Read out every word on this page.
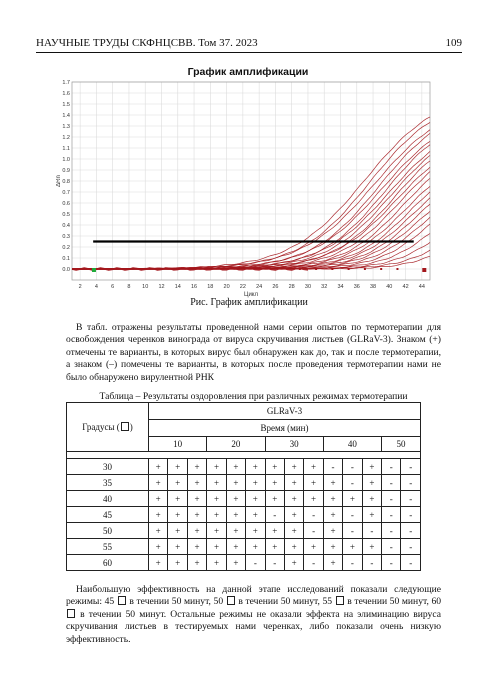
НАУЧНЫЕ ТРУДЫ СКФНЦСВВ. Том 37. 2023	109
График амплификации
0.0
0.1
0.2
0.3
0.4
0.5
0.6
0.7
0.8
0.9
1.0
1.1
1.2
1.3
1.4
1.5
1.6
1.7
2 4 6 8 10 12 14 16 18 20 22 24 26 28 30 32 34 36 38 40 42 44
Цикл
ΔRn
Рис. График амплификации
В табл. отражены результаты проведенной нами серии опытов по термотерапии для освобождения черенков винограда от вируса скручивания листьев (GLRaV-3). Знаком (+) отмечены те варианты, в которых вирус был обнаружен как до, так и после термотерапии, а знаком (–) помечены те варианты, в которых после проведения термотерапии нами не было обнаружено вирулентной РНК
Таблица – Результаты оздоровления при различных режимах термотерапии
Градусы ( )	GLRaV-3													
	Время (мин)													
	10			20			30			40			50	

30	+	+	+	+	+	+	+	+	+	-	-	+	-	-
35	+	+	+	+	+	+	+	+	+	+	-	+	-	-
40	+	+	+	+	+	+	+	+	+	+	+	+	-	-
45	+	+	+	+	+	+	-	+	-	+	-	+	-	-
50	+	+	+	+	+	+	+	+	-	+	-	-	-	-
55	+	+	+	+	+	+	+	+	+	+	+	+	-	-
60	+	+	+	+	+	-	-	+	-	+	-	-	-	-
Наибольшую эффективность на данной этапе исследований показали следующие режимы: 45 в течении 50 минут, 50 в течении 50 минут, 55 в течении 50 минут, 60  в течении 50 минут. Остальные режимы не оказали эффекта на элиминацию вируса скручивания листьев в тестируемых нами черенках, либо показали очень низкую эффективность.
